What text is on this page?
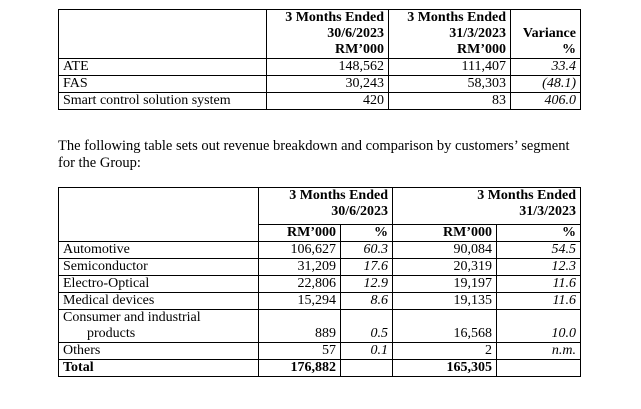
	3 Months Ended	3 Months Ended	
	30/6/2023	31/3/2023	Variance
	RM’000	RM’000	%
ATE	148,562	111,407	33.4
FAS	30,243	58,303	(48.1)
Smart control solution system	420	83	406.0
The following table sets out revenue breakdown and comparison by customers’ segment for the Group:
	3 Months Ended		3 Months Ended	
	30/6/2023		31/3/2023	

	RM’000	%	RM’000	%
Automotive	106,627	60.3	90,084	54.5
Semiconductor	31,209	17.6	20,319	12.3
Electro-Optical	22,806	12.9	19,197	11.6
Medical devices	15,294	8.6	19,135	11.6

Consumer and industrial
products	889	0.5	16,568	10.0
Others	57	0.1	2	n.m.
Total	176,882		165,305	
